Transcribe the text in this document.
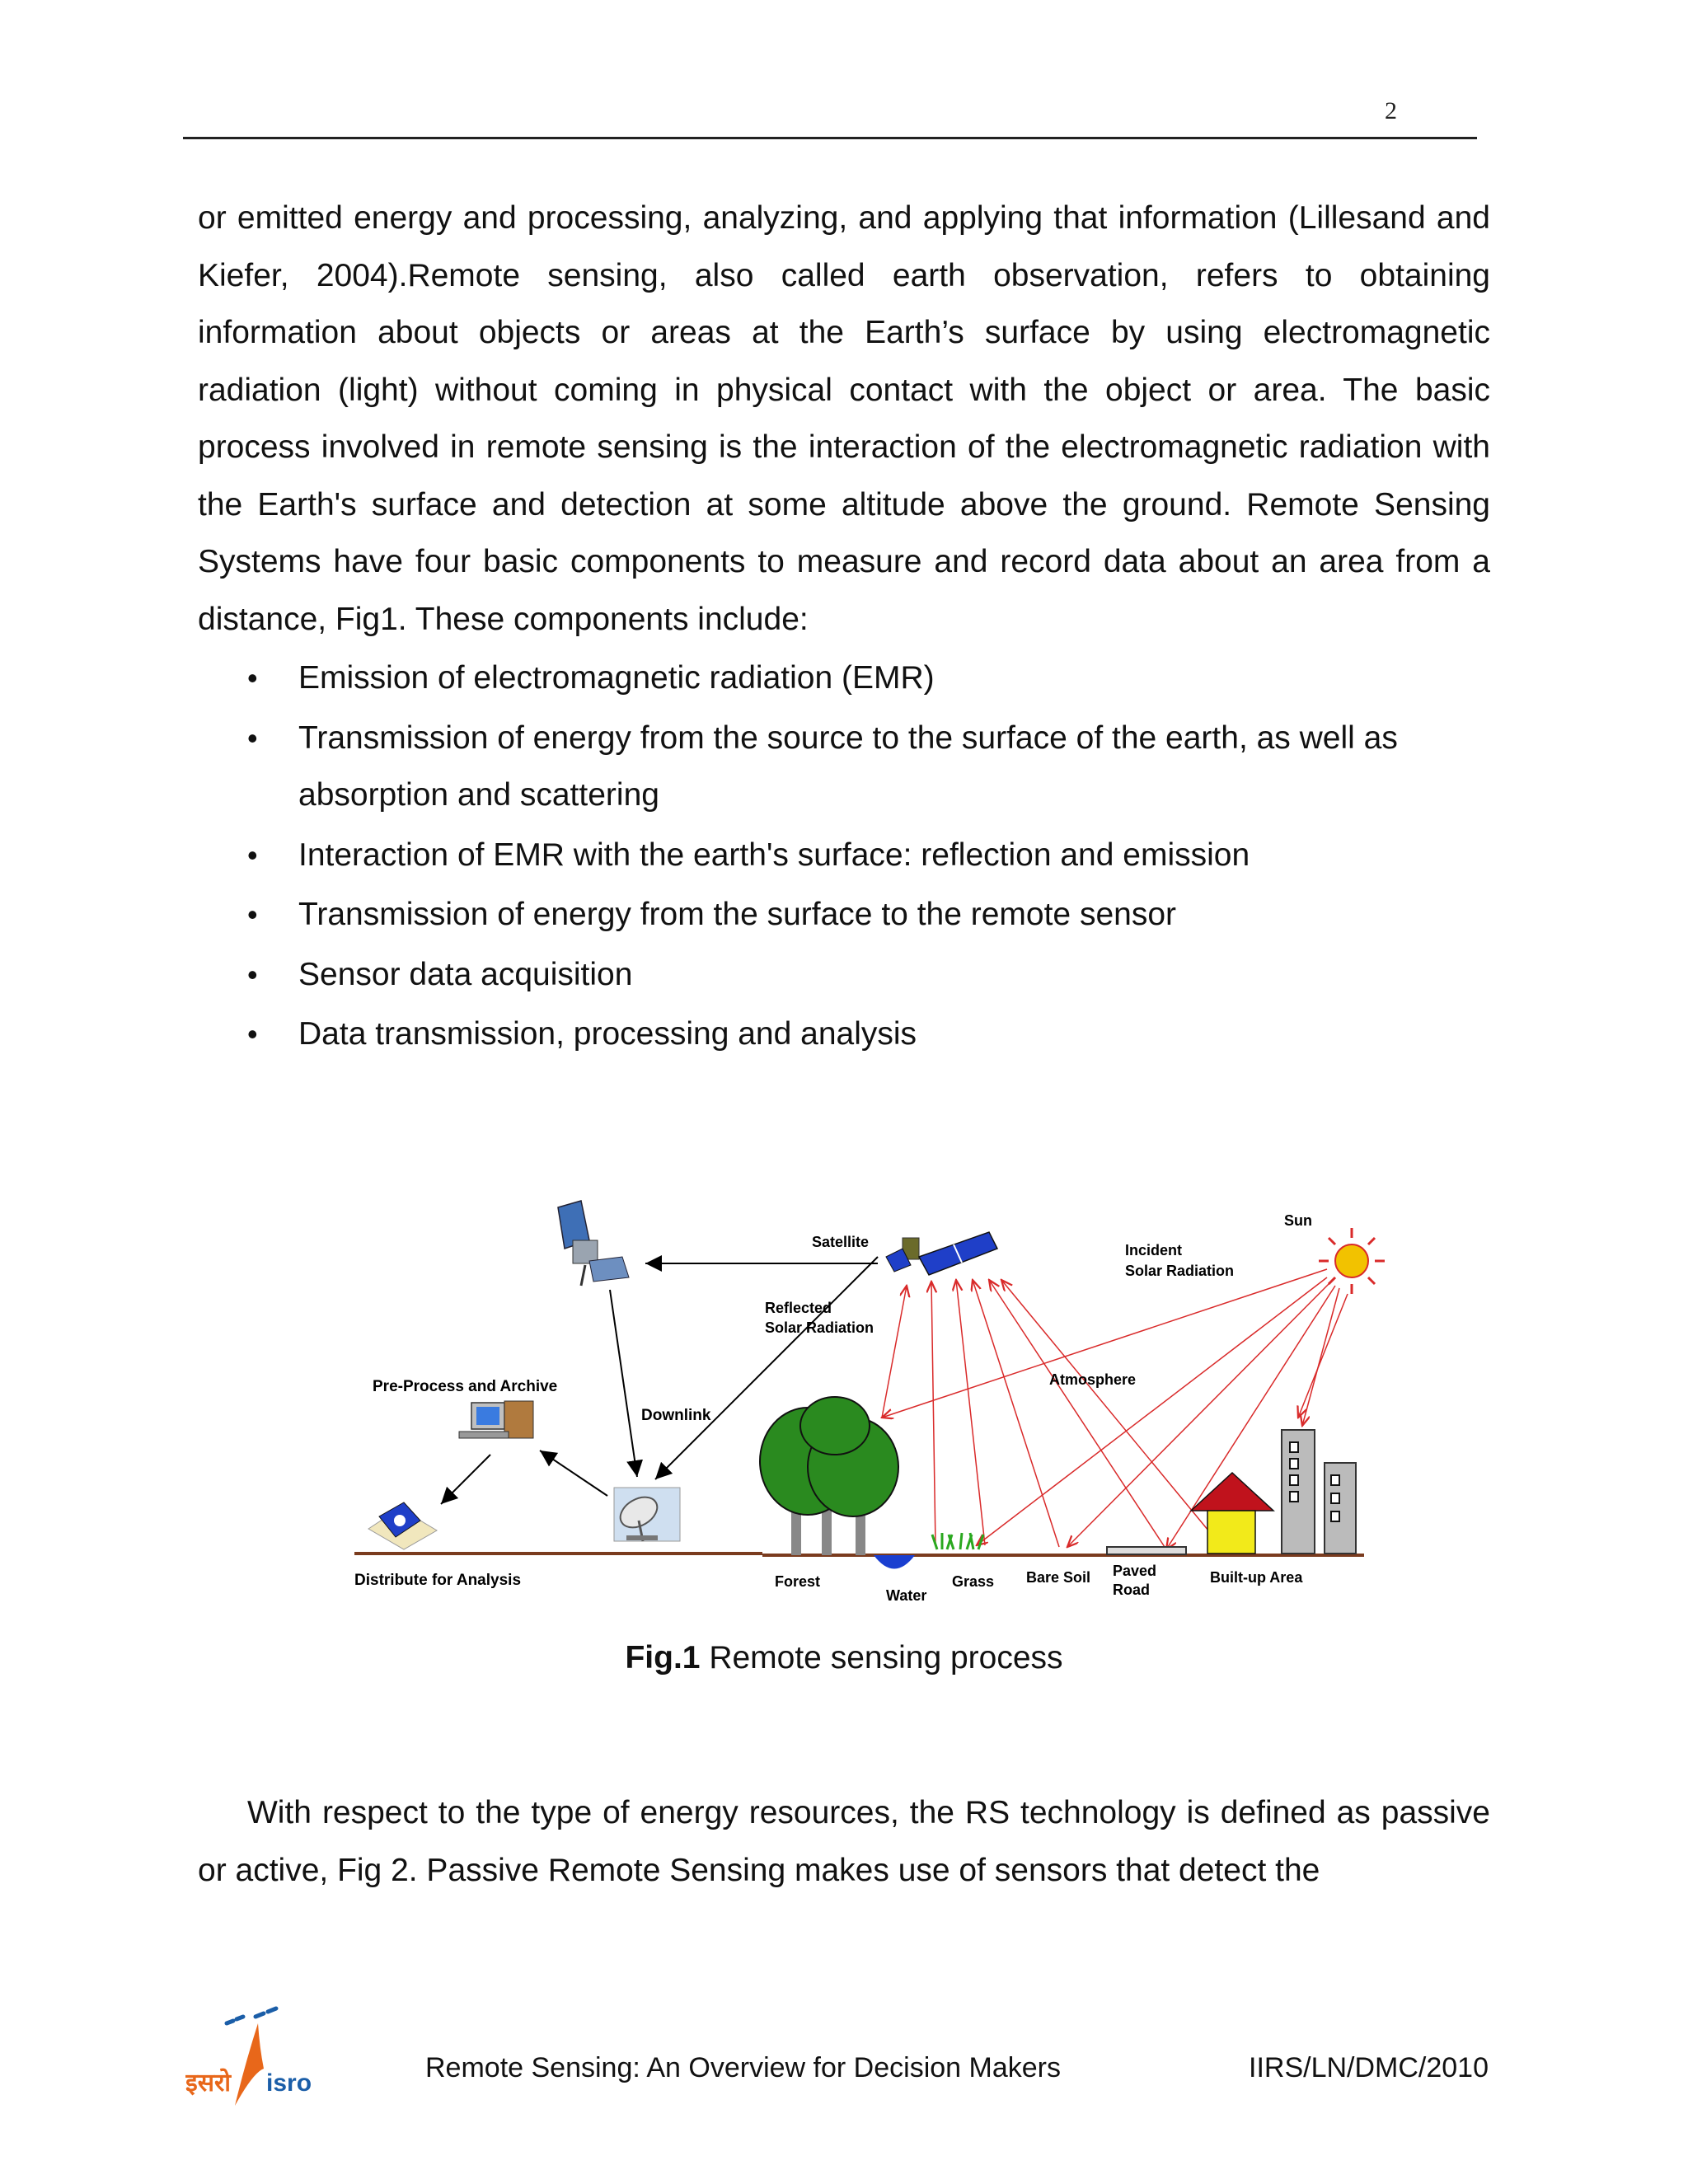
2
or emitted energy and processing, analyzing, and applying that information (Lillesand and Kiefer, 2004).Remote sensing, also called earth observation, refers to obtaining information about objects or areas at the Earth’s surface by using electromagnetic radiation (light) without coming in physical contact with the object or area. The basic process involved in remote sensing is the interaction of the electromagnetic radiation with the Earth's surface and detection at some altitude above the ground. Remote Sensing Systems have four basic components to measure and record data about an area from a distance, Fig1. These components include:
• Emission of electromagnetic radiation (EMR)
• Transmission of energy from the source to the surface of the earth, as well as absorption and scattering
• Interaction of EMR with the earth's surface: reflection and emission
• Transmission of energy from the surface to the remote sensor
• Sensor data acquisition
• Data transmission, processing and analysis
Sun
Satellite
Downlink
Pre-Process and Archive
Distribute for Analysis
Incident
Solar Radiation
Reflected
Solar Radiation
Atmosphere
Forest
Water
Grass Bare Soil Paved
Road
Built-up Area
Fig.1 Remote sensing process
With respect to the type of energy resources, the RS technology is defined as passive or active, Fig 2. Passive Remote Sensing makes use of sensors that detect the
इसरो isro	Remote Sensing: An Overview for Decision Makers	IIRS/LN/DMC/2010
